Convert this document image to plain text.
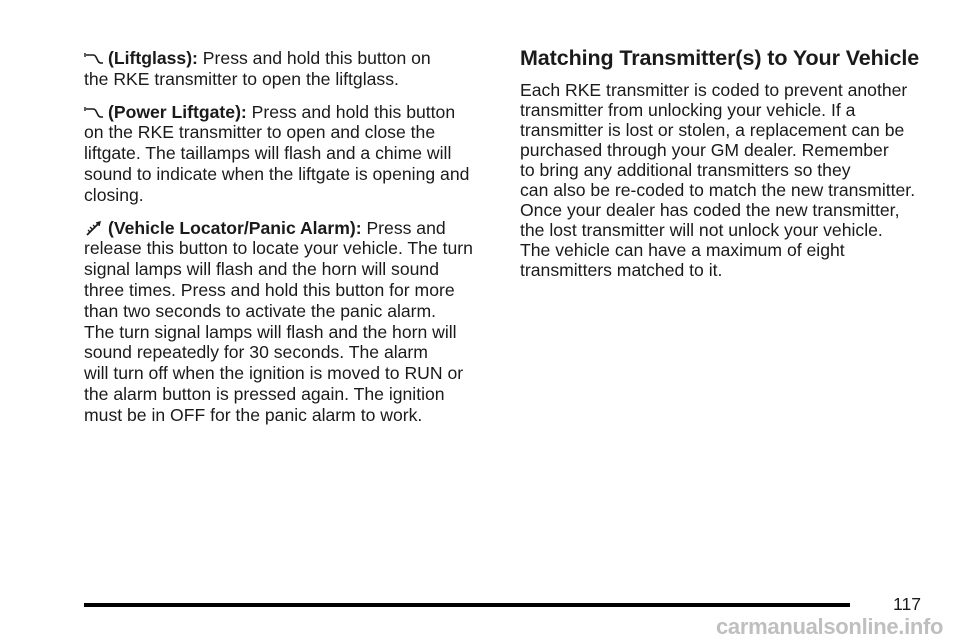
(Liftglass): Press and hold this button on
the RKE transmitter to open the liftglass.

(Power Liftgate): Press and hold this button
on the RKE transmitter to open and close the
liftgate. The taillamps will flash and a chime will
sound to indicate when the liftgate is opening and
closing.

(Vehicle Locator/Panic Alarm): Press and
release this button to locate your vehicle. The turn
signal lamps will flash and the horn will sound
three times. Press and hold this button for more
than two seconds to activate the panic alarm.
The turn signal lamps will flash and the horn will
sound repeatedly for 30 seconds. The alarm
will turn off when the ignition is moved to RUN or
the alarm button is pressed again. The ignition
must be in OFF for the panic alarm to work.

Matching Transmitter(s) to Your Vehicle

Each RKE transmitter is coded to prevent another
transmitter from unlocking your vehicle. If a
transmitter is lost or stolen, a replacement can be
purchased through your GM dealer. Remember
to bring any additional transmitters so they
can also be re-coded to match the new transmitter.
Once your dealer has coded the new transmitter,
the lost transmitter will not unlock your vehicle.
The vehicle can have a maximum of eight
transmitters matched to it.

117
carmanualsonline.info
